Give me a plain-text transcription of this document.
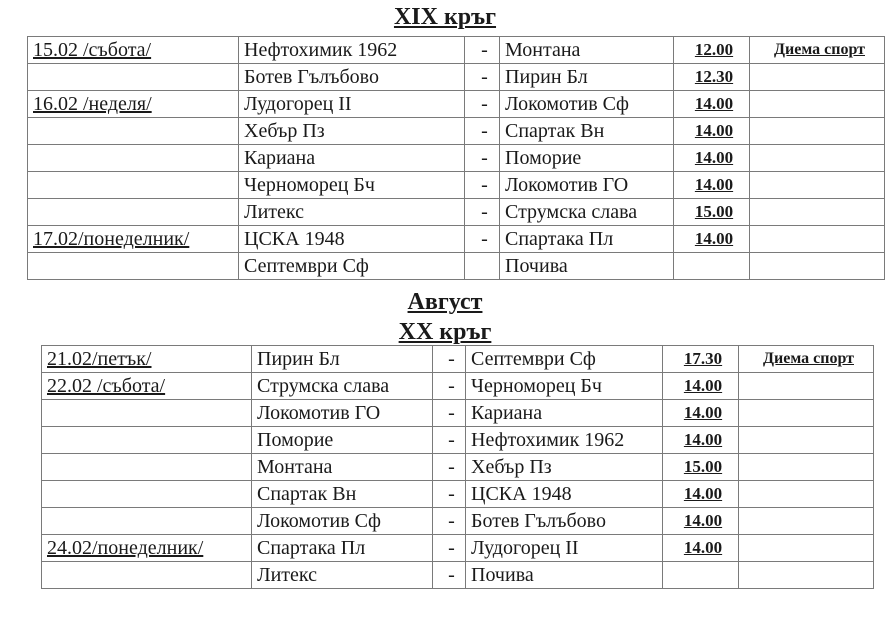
XIX кръг
15.02 /събота/	Нефтохимик 1962	-	Монтана	12.00	Диема спорт
	Ботев Гълъбово	-	Пирин Бл	12.30	
16.02 /неделя/	Лудогорец II	-	Локомотив Сф	14.00	
	Хебър Пз	-	Спартак Вн	14.00	
	Кариана	-	Поморие	14.00	
	Черноморец Бч	-	Локомотив ГО	14.00	
	Литекс	-	Струмска слава	15.00	
17.02/понеделник/	ЦСКА 1948	-	Спартака Пл	14.00	
	Септември Сф		Почива		
Август
XX кръг
21.02/петък/	Пирин Бл	-	Септември Сф	17.30	Диема спорт
22.02 /събота/	Струмска слава	-	Черноморец Бч	14.00	
	Локомотив ГО	-	Кариана	14.00	
	Поморие	-	Нефтохимик 1962	14.00	
	Монтана	-	Хебър Пз	15.00	
	Спартак Вн	-	ЦСКА 1948	14.00	
	Локомотив Сф	-	Ботев Гълъбово	14.00	
24.02/понеделник/	Спартака Пл	-	Лудогорец II	14.00	
	Литекс	-	Почива		
